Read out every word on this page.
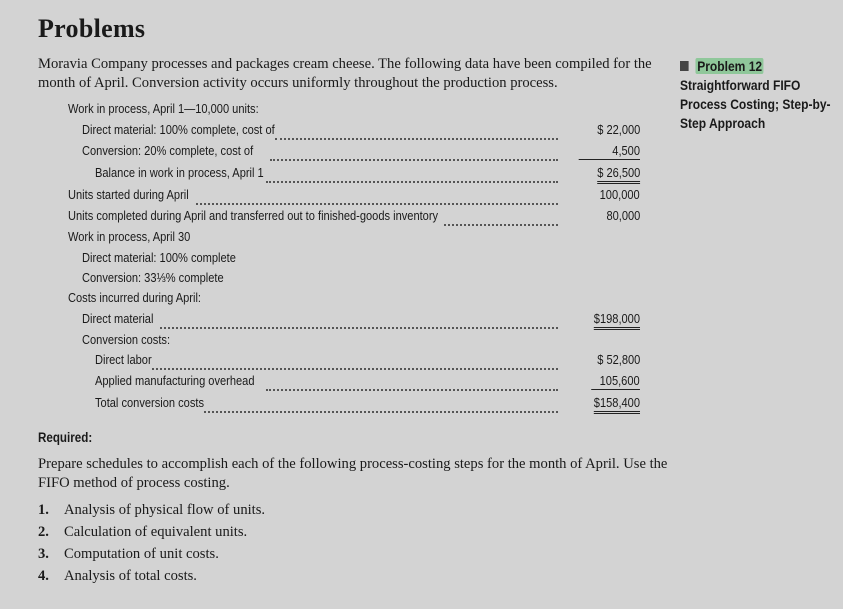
Problems
Moravia Company processes and packages cream cheese. The following data have been compiled for the month of April. Conversion activity occurs uniformly throughout the production process.
Problem 12
Straightforward FIFO Process Costing; Step-by-Step Approach
Work in process, April 1—10,000 units:
Direct material: 100% complete, cost of	$ 22,000
Conversion: 20% complete, cost of	4,500
Balance in work in process, April 1	$ 26,500
Units started during April	100,000
Units completed during April and transferred out to finished-goods inventory	80,000
Work in process, April 30
Direct material: 100% complete
Conversion: 33⅓% complete
Costs incurred during April:
Direct material	$198,000
Conversion costs:
Direct labor	$ 52,800
Applied manufacturing overhead	105,600
Total conversion costs	$158,400
Required:
Prepare schedules to accomplish each of the following process-costing steps for the month of April. Use the FIFO method of process costing.
1. Analysis of physical flow of units.
2. Calculation of equivalent units.
3. Computation of unit costs.
4. Analysis of total costs.
